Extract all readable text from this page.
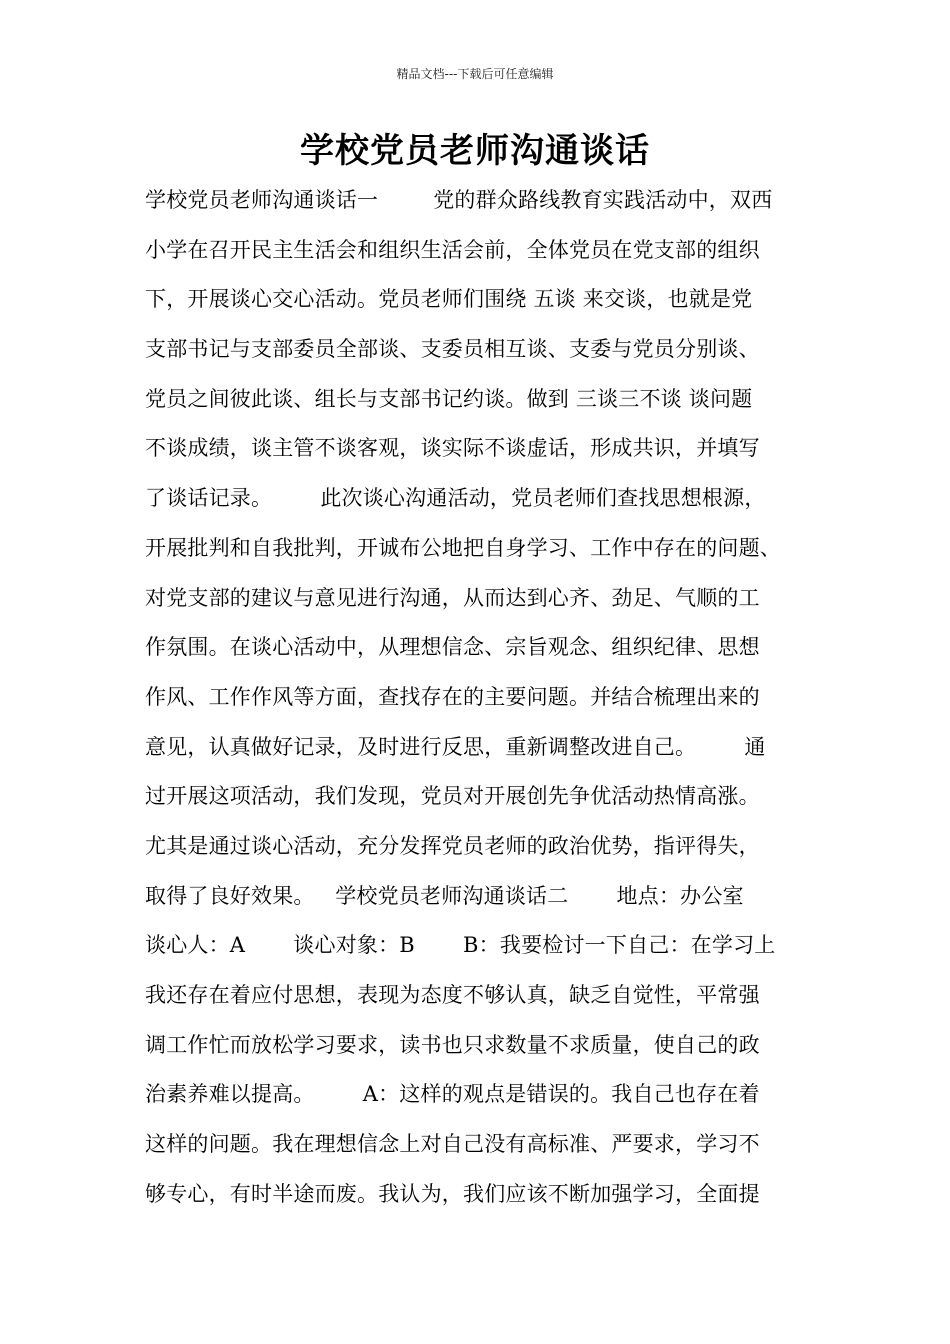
精品文档---下载后可任意编辑
学校党员老师沟通谈话
学校党员老师沟通谈话一        党的群众路线教育实践活动中，双西
小学在召开民主生活会和组织生活会前，全体党员在党支部的组织
下，开展谈心交心活动。党员老师们围绕 五谈 来交谈，也就是党
支部书记与支部委员全部谈、支委员相互谈、支委与党员分别谈、
党员之间彼此谈、组长与支部书记约谈。做到 三谈三不谈 谈问题
不谈成绩，谈主管不谈客观，谈实际不谈虚话，形成共识，并填写
了谈话记录。       此次谈心沟通活动，党员老师们查找思想根源，
开展批判和自我批判，开诚布公地把自身学习、工作中存在的问题、
对党支部的建议与意见进行沟通，从而达到心齐、劲足、气顺的工
作氛围。在谈心活动中，从理想信念、宗旨观念、组织纪律、思想
作风、工作作风等方面，查找存在的主要问题。并结合梳理出来的
意见，认真做好记录，及时进行反思，重新调整改进自己。       通
过开展这项活动，我们发现，党员对开展创先争优活动热情高涨。
尤其是通过谈心活动，充分发挥党员老师的政治优势，指评得失，
取得了良好效果。   学校党员老师沟通谈话二       地点：办公室
谈心人：A       谈心对象：B       B：我要检讨一下自己：在学习上
我还存在着应付思想，表现为态度不够认真，缺乏自觉性，平常强
调工作忙而放松学习要求，读书也只求数量不求质量，使自己的政
治素养难以提高。       A：这样的观点是错误的。我自己也存在着
这样的问题。我在理想信念上对自己没有高标准、严要求，学习不
够专心，有时半途而废。我认为，我们应该不断加强学习，全面提
